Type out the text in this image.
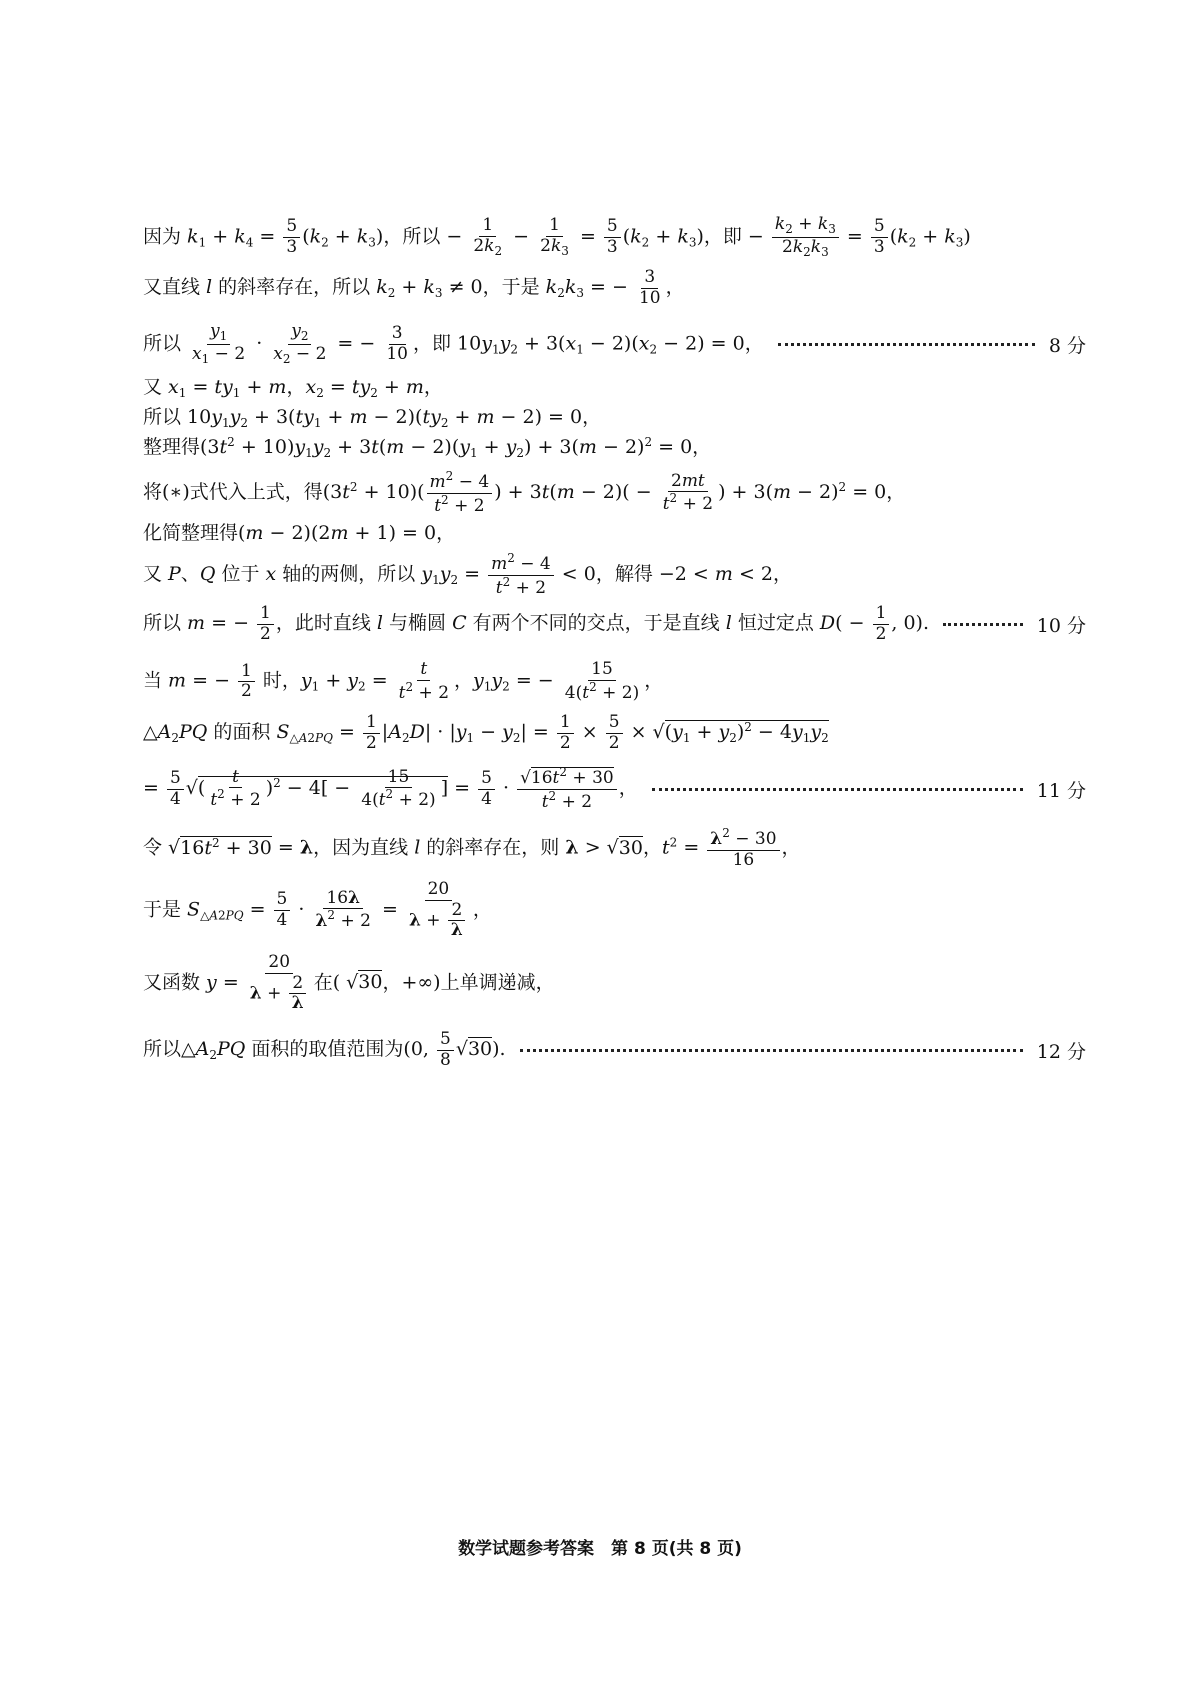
因为 $k_1 + k_4 = \frac{5}{3} (k_2 + k_3)$，所以 − $\frac{1}{2k_2} - \frac{1}{2k_3} = \frac{5}{3} (k_2 + k_3)$，即 − $\frac{k_2 + k_3}{2k_2k_3} = \frac{5}{3} (k_2 + k_3)$
又直线 l 的斜率存在，所以 $k_2 + k_3 \ne 0$，于是 $k_2k_3$ = − $\frac{3}{10}$ ，
所以 $\frac{y_1}{x_1 - 2} \cdot \frac{y_2}{x_2 - 2}$ = − $\frac{3}{10}$ ，即 $10y_1y_2 + 3(x_1 - 2)(x_2 - 2) = 0$，	8 分
又 $x_1 = ty_1 + m$，$x_2 = ty_2 + m$，
所以 $10y_1y_2 + 3(ty_1 + m - 2)(ty_2 + m - 2) = 0$，
整理得$(3t^2 + 10)y_1y_2 + 3t(m - 2)(y_1 + y_2) + 3(m - 2)^2 = 0$，
将(∗)式代入上式，得$(3t^2 + 10)( \frac{m^2 - 4}{t^2 + 2}$ ) + $3t(m - 2)( - \frac{2mt}{t^2 + 2}$ ) + $3(m - 2)^2 = 0$，
化简整理得(m − 2)(2m + 1) = 0，
又 P、Q 位于 x 轴的两侧，所以 $y_1y_2 = \frac{m^2 - 4}{t^2 + 2} < 0$，解得 −2 < m < 2，
所以 m = − $\frac{1}{2}$ ，此时直线 l 与椭圆 C 有两个不同的交点，于是直线 l 恒过定点 $D( - \frac{1}{2}$ , 0).	10 分
当 m = − $\frac{1}{2}$ 时，$y_1 + y_2 = \frac{t}{t^2 + 2}$ ，$y_1y_2$ = − $\frac{15}{4(t^2 + 2)}$ ，
$\triangle A_2PQ$ 的面积 $S_{\triangle A2PQ} = \frac{1}{2} |A_2D| \cdot |y_1 - y_2| = \frac{1}{2} \times \frac{5}{2} \times √(y_1 + y_2)^2 - 4y_1y_2$
= $\frac{5}{4}$ √( $\frac{t}{t^2 + 2} )^2 - 4[ - \frac{15}{4(t^2 + 2)}$ ] = $\frac{5}{4} \cdot \frac{√16t^2 + 30}{t^2 + 2}$ ，	11 分
令 $√16t^2 + 30 = \lambda$，因为直线 l 的斜率存在，则 λ > √30，$t^2 = \frac{\lambda^2 - 30}{16}$ ，
于是 $S_{\triangle A2PQ} = \frac{5}{4} \cdot \frac{16\lambda}{\lambda^2 + 2} = \frac{20}{\lambda + \frac{2}{\lambda}}$ ，
又函数 $y = \frac{20}{\lambda + \frac{2}{\lambda}}$ 在( √30，+∞)上单调递减，
所以$\triangle A_2PQ$ 面积的取值范围为(0, $\frac{5}{8} √30$).	12 分
数学试题参考答案　第 8 页(共 8 页)
